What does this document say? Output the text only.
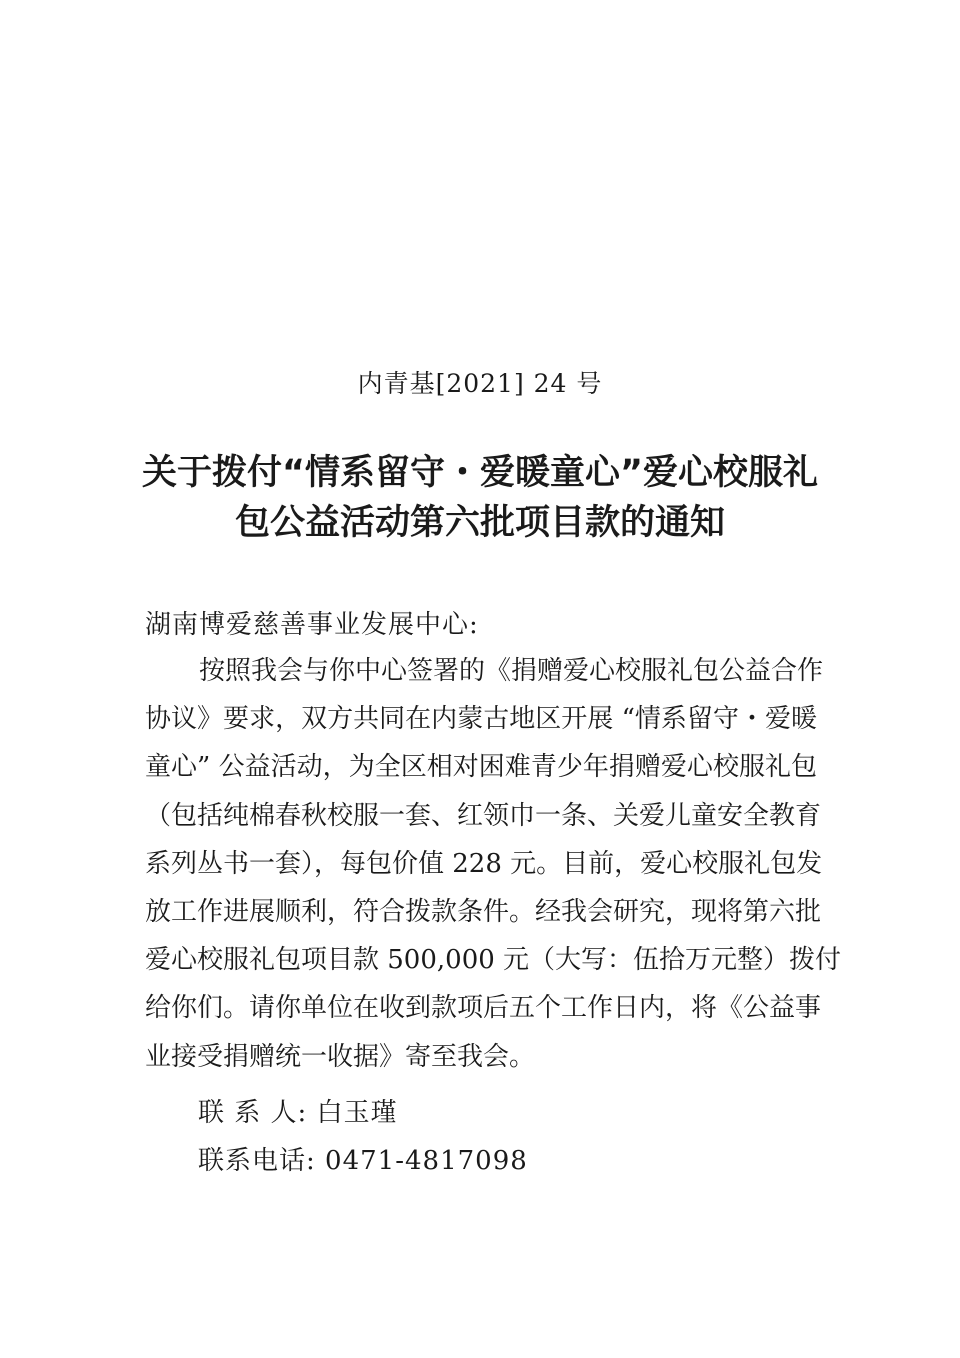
内青基[2021] 24 号
关于拨付“情系留守・爱暖童心”爱心校服礼
包公益活动第六批项目款的通知
湖南博爱慈善事业发展中心:
按照我会与你中心签署的《捐赠爱心校服礼包公益合作
协议》要求，双方共同在内蒙古地区开展 “情系留守・爱暖
童心” 公益活动，为全区相对困难青少年捐赠爱心校服礼包
（包括纯棉春秋校服一套、红领巾一条、关爱儿童安全教育
系列丛书一套），每包价值 228 元。目前，爱心校服礼包发
放工作进展顺利，符合拨款条件。经我会研究，现将第六批
爱心校服礼包项目款 500,000 元（大写：伍拾万元整）拨付
给你们。请你单位在收到款项后五个工作日内，将《公益事
业接受捐赠统一收据》寄至我会。
联 系 人: 白玉瑾
联系电话: 0471-4817098
